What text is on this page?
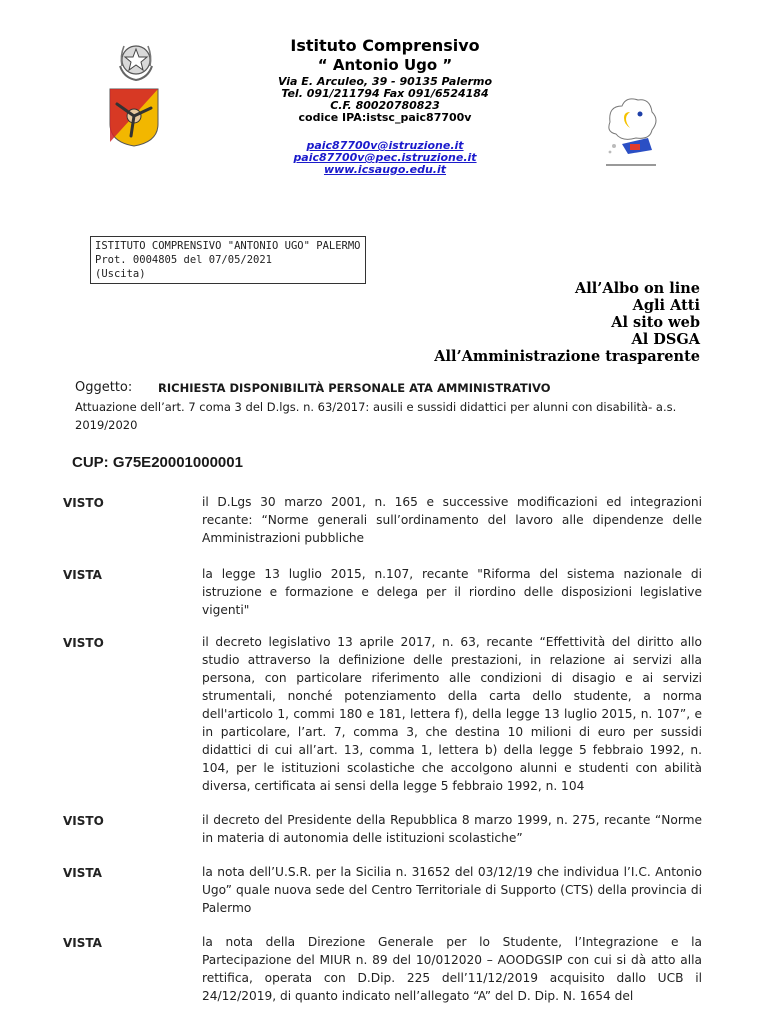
Istituto Comprensivo
“ Antonio Ugo ”
Via E. Arculeo, 39 - 90135 Palermo
Tel. 091/211794 Fax 091/6524184
C.F. 80020780823
codice IPA:istsc_paic87700v
paic87700v@istruzione.it
paic87700v@pec.istruzione.it
www.icsaugo.edu.it
ISTITUTO COMPRENSIVO "ANTONIO UGO" PALERMO
Prot. 0004805 del 07/05/2021
(Uscita)
All’Albo on line
Agli Atti
Al sito web
Al DSGA
All’Amministrazione trasparente
Oggetto: RICHIESTA DISPONIBILITÀ PERSONALE ATA AMMINISTRATIVO
Attuazione dell’art. 7 coma 3 del D.lgs. n. 63/2017: ausili e sussidi didattici per alunni con disabilità- a.s. 2019/2020
CUP: G75E20001000001
VISTO	il D.Lgs 30 marzo 2001, n. 165 e successive modificazioni ed integrazioni recante: “Norme generali sull’ordinamento del lavoro alle dipendenze delle Amministrazioni pubbliche
VISTA	la legge 13 luglio 2015, n.107, recante "Riforma del sistema nazionale di istruzione e formazione e delega per il riordino delle disposizioni legislative vigenti"
VISTO	il decreto legislativo 13 aprile 2017, n. 63, recante “Effettività del diritto allo studio attraverso la definizione delle prestazioni, in relazione ai servizi alla persona, con particolare riferimento alle condizioni di disagio e ai servizi strumentali, nonché potenziamento della carta dello studente, a norma dell'articolo 1, commi 180 e 181, lettera f), della legge 13 luglio 2015, n. 107”, e in particolare, l’art. 7, comma 3, che destina 10 milioni di euro per sussidi didattici di cui all’art. 13, comma 1, lettera b) della legge 5 febbraio 1992, n. 104, per le istituzioni scolastiche che accolgono alunni e studenti con abilità diversa, certificata ai sensi della legge 5 febbraio 1992, n. 104
VISTO	il decreto del Presidente della Repubblica 8 marzo 1999, n. 275, recante “Norme in materia di autonomia delle istituzioni scolastiche”
VISTA	la nota dell’U.S.R. per la Sicilia n. 31652 del 03/12/19 che individua l’I.C. Antonio Ugo” quale nuova sede del Centro Territoriale di Supporto (CTS) della provincia di Palermo
VISTA	la nota della Direzione Generale per lo Studente, l’Integrazione e la Partecipazione del MIUR n. 89 del 10/012020 – AOODGSIP con cui si dà atto alla rettifica, operata con D.Dip. 225 dell’11/12/2019 acquisito dallo UCB il 24/12/2019, di quanto indicato nell’allegato “A” del D. Dip. N. 1654 del
